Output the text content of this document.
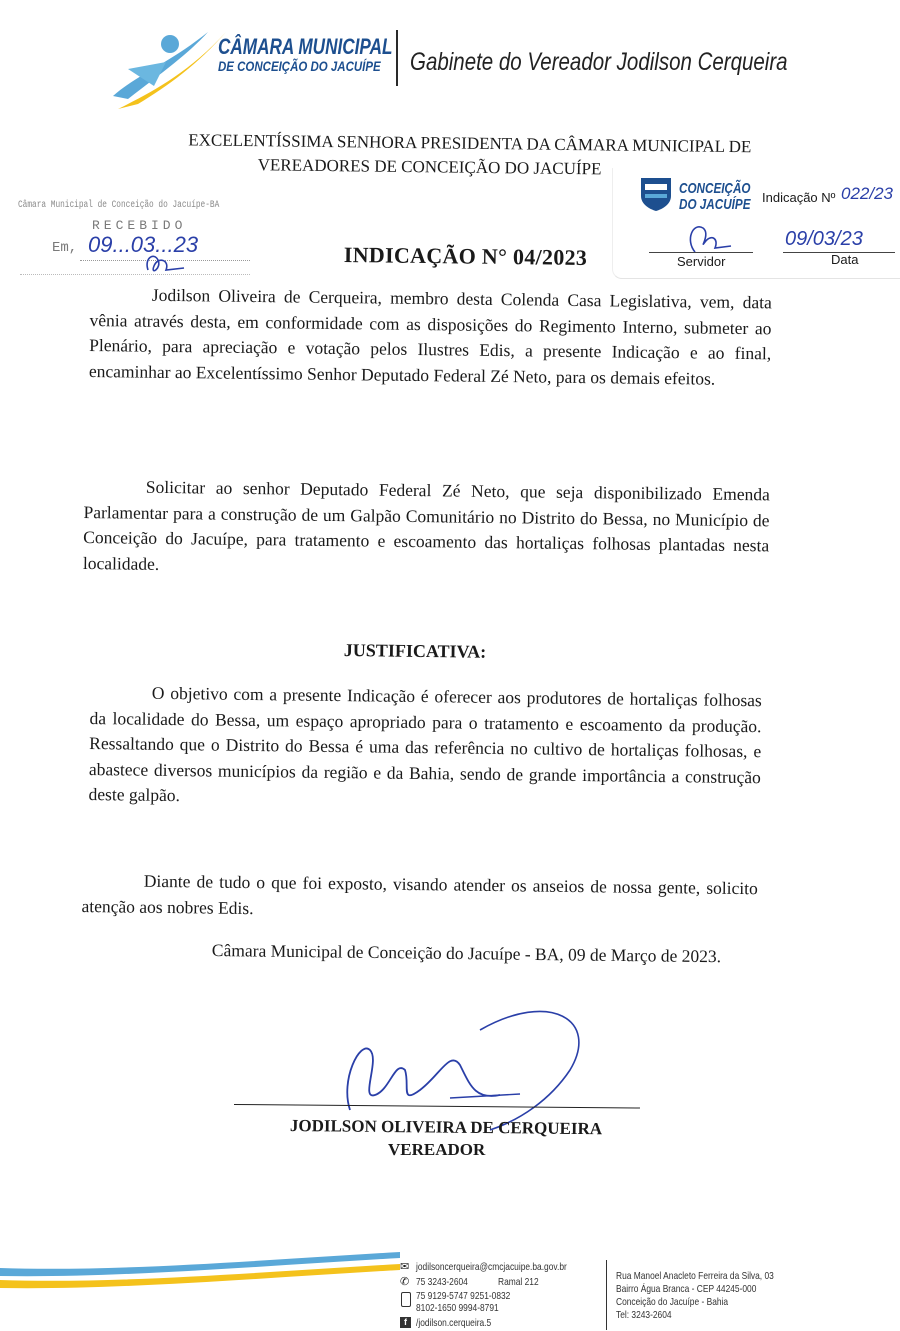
CÂMARA MUNICIPAL
DE CONCEIÇÃO DO JACUÍPE Gabinete do Vereador Jodilson Cerqueira
EXCELENTÍSSIMA SENHORA PRESIDENTA DA CÂMARA MUNICIPAL DE
VEREADORES DE CONCEIÇÃO DO JACUÍPE
Câmara Municipal de Conceição do Jacuípe-BA
RECEBIDO
Em, 09...03...23
CONCEIÇÃO
DO JACUÍPE Indicação Nº 022/23
Servidor
09/03/23
Data
INDICAÇÃO N° 04/2023
Jodilson Oliveira de Cerqueira, membro desta Colenda Casa Legislativa, vem, data vênia através desta, em conformidade com as disposições do Regimento Interno, submeter ao Plenário, para apreciação e votação pelos Ilustres Edis, a presente Indicação e ao final, encaminhar ao Excelentíssimo Senhor Deputado Federal Zé Neto, para os demais efeitos.
Solicitar ao senhor Deputado Federal Zé Neto, que seja disponibilizado Emenda Parlamentar para a construção de um Galpão Comunitário no Distrito do Bessa, no Município de Conceição do Jacuípe, para tratamento e escoamento das hortaliças folhosas plantadas nesta localidade.
JUSTIFICATIVA:
O objetivo com a presente Indicação é oferecer aos produtores de hortaliças folhosas da localidade do Bessa, um espaço apropriado para o tratamento e escoamento da produção. Ressaltando que o Distrito do Bessa é uma das referência no cultivo de hortaliças folhosas, e abastece diversos municípios da região e da Bahia, sendo de grande importância a construção deste galpão.
Diante de tudo o que foi exposto, visando atender os anseios de nossa gente, solicito atenção aos nobres Edis.
Câmara Municipal de Conceição do Jacuípe - BA, 09 de Março de 2023.
JODILSON OLIVEIRA DE CERQUEIRA
VEREADOR
✉ jodilsoncerqueira@cmcjacuipe.ba.gov.br
✆ 75 3243-2604	Ramal 212
75 9129-5747 9251-0832
8102-1650 9994-8791
f /jodilson.cerqueira.5
Rua Manoel Anacleto Ferreira da Silva, 03
Bairro Água Branca - CEP 44245-000
Conceição do Jacuípe - Bahia
Tel: 3243-2604
